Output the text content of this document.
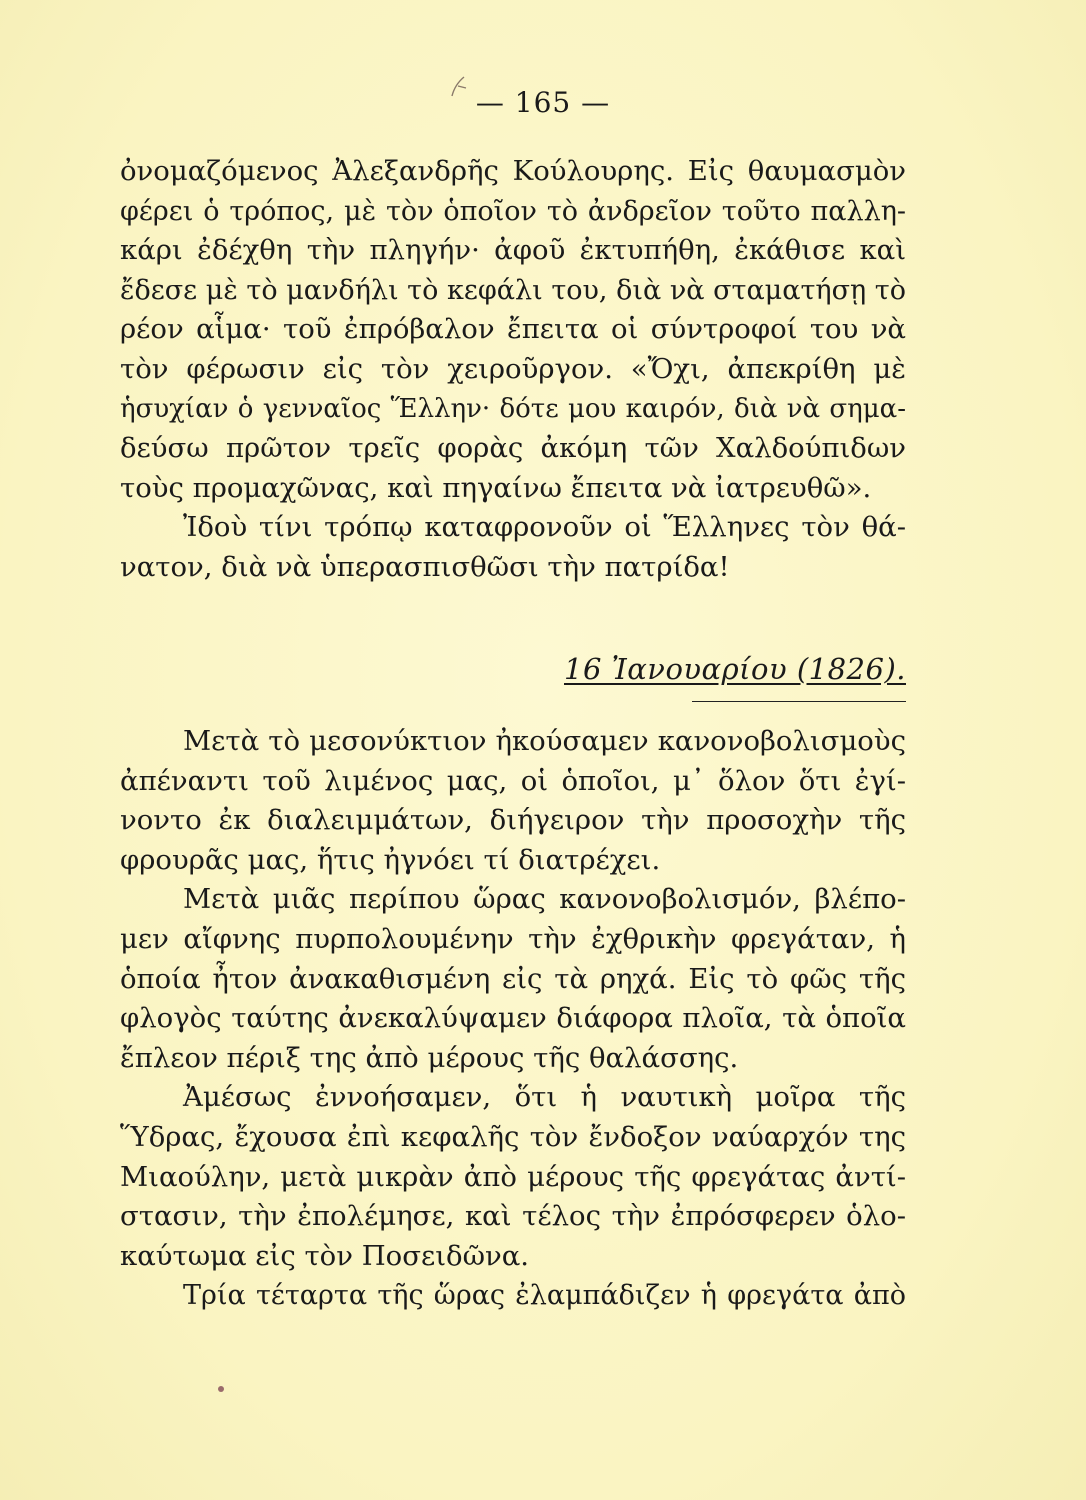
— 165 —
ὀνομαζόμενος Ἀλεξανδρῆς Κούλουρης. Εἰς θαυμασμὸν
φέρει ὁ τρόπος, μὲ τὸν ὁποῖον τὸ ἀνδρεῖον τοῦτο παλλη-
κάρι ἐδέχθη τὴν πληγήν· ἀφοῦ ἐκτυπήθη, ἐκάθισε καὶ
ἔδεσε μὲ τὸ μανδήλι τὸ κεφάλι του, διὰ νὰ σταματήσῃ τὸ
ρέον αἷμα· τοῦ ἐπρόβαλον ἔπειτα οἱ σύντροφοί του νὰ
τὸν φέρωσιν εἰς τὸν χειροῦργον. «Ὄχι, ἀπεκρίθη μὲ
ἡσυχίαν ὁ γενναῖος Ἕλλην· δότε μου καιρόν, διὰ νὰ σημα-
δεύσω πρῶτον τρεῖς φορὰς ἀκόμη τῶν Χαλδούπιδων
τοὺς προμαχῶνας, καὶ πηγαίνω ἔπειτα νὰ ἰατρευθῶ».
Ἰδοὺ τίνι τρόπῳ καταφρονοῦν οἱ Ἕλληνες τὸν θά-
νατον, διὰ νὰ ὑπερασπισθῶσι τὴν πατρίδα!
16 Ἰανουαρίου (1826).
Μετὰ τὸ μεσονύκτιον ἠκούσαμεν κανονοβολισμοὺς
ἀπέναντι τοῦ λιμένος μας, οἱ ὁποῖοι, μ᾽ ὅλον ὅτι ἐγί-
νοντο ἐκ διαλειμμάτων, διήγειρον τὴν προσοχὴν τῆς
φρουρᾶς μας, ἥτις ἠγνόει τί διατρέχει.
Μετὰ μιᾶς περίπου ὥρας κανονοβολισμόν, βλέπο-
μεν αἴφνης πυρπολουμένην τὴν ἐχθρικὴν φρεγάταν, ἡ
ὁποία ἦτον ἀνακαθισμένη εἰς τὰ ρηχά. Εἰς τὸ φῶς τῆς
φλογὸς ταύτης ἀνεκαλύψαμεν διάφορα πλοῖα, τὰ ὁποῖα
ἔπλεον πέριξ της ἀπὸ μέρους τῆς θαλάσσης.
Ἀμέσως ἐννοήσαμεν, ὅτι ἡ ναυτικὴ μοῖρα τῆς
Ὕδρας, ἔχουσα ἐπὶ κεφαλῆς τὸν ἔνδοξον ναύαρχόν της
Μιαούλην, μετὰ μικρὰν ἀπὸ μέρους τῆς φρεγάτας ἀντί-
στασιν, τὴν ἐπολέμησε, καὶ τέλος τὴν ἐπρόσφερεν ὁλο-
καύτωμα εἰς τὸν Ποσειδῶνα.
Τρία τέταρτα τῆς ὥρας ἐλαμπάδιζεν ἡ φρεγάτα ἀπὸ
